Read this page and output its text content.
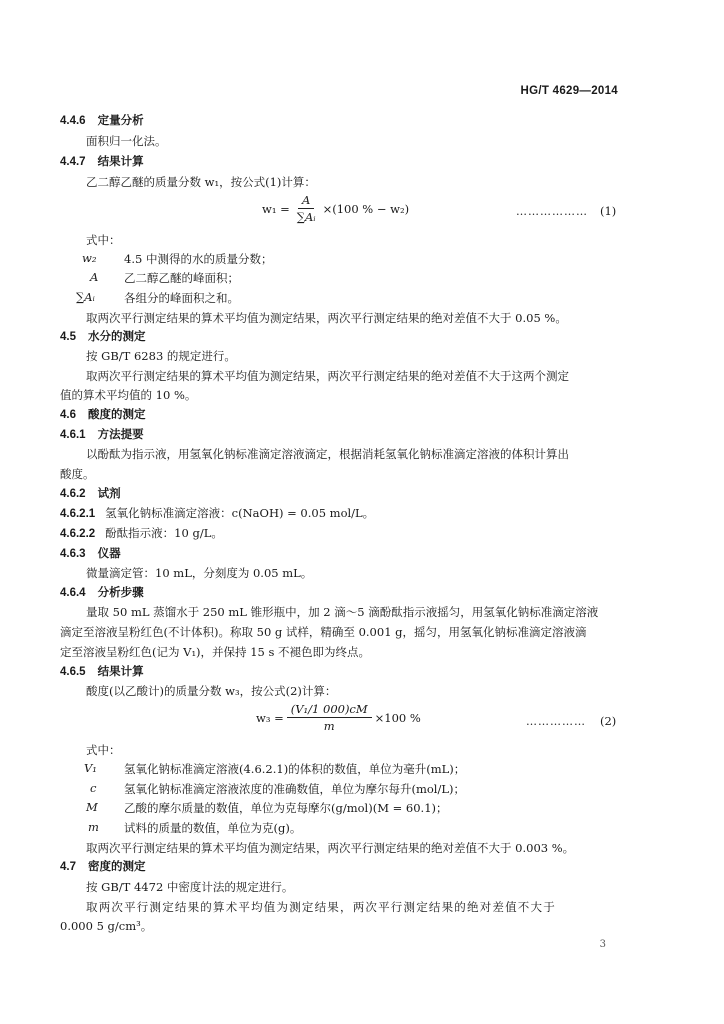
HG/T 4629—2014
4.4.6 定量分析
面积归一化法。
4.4.7 结果计算
乙二醇乙醚的质量分数 w₁，按公式(1)计算：
$w_1 = \frac{A}{\text{∑Aᵢ}} \times(100$ % − w₂)	……………… (1)
式中：
w₂ 4.5 中测得的水的质量分数；
A 乙二醇乙醚的峰面积；
∑Aᵢ	各组分的峰面积之和。
取两次平行测定结果的算术平均值为测定结果，两次平行测定结果的绝对差值不大于 0.05 %。
4.5 水分的测定
按 GB/T 6283 的规定进行。
取两次平行测定结果的算术平均值为测定结果，两次平行测定结果的绝对差值不大于这两个测定
值的算术平均值的 10 %。
4.6 酸度的测定
4.6.1 方法提要
以酚酞为指示液，用氢氧化钠标准滴定溶液滴定，根据消耗氢氧化钠标准滴定溶液的体积计算出
酸度。
4.6.2 试剂
4.6.2.1 氢氧化钠标准滴定溶液：c(NaOH) = 0.05 mol/L。
4.6.2.2 酚酞指示液：10 g/L。
4.6.3 仪器
微量滴定管：10 mL，分刻度为 0.05 mL。
4.6.4 分析步骤
量取 50 mL 蒸馏水于 250 mL 锥形瓶中，加 2 滴～5 滴酚酞指示液摇匀，用氢氧化钠标准滴定溶液
滴定至溶液呈粉红色(不计体积)。称取 50 g 试样，精确至 0.001 g，摇匀，用氢氧化钠标准滴定溶液滴
定至溶液呈粉红色(记为 V₁)，并保持 15 s 不褪色即为终点。
4.6.5 结果计算
酸度(以乙酸计)的质量分数 w₃，按公式(2)计算：
$w_3 = \frac{\text{(V₁/1 000)cM}}{m} \times 100$ %	…………… (2)
式中：
V₁ 氢氧化钠标准滴定溶液(4.6.2.1)的体积的数值，单位为毫升(mL)；
c 氢氧化钠标准滴定溶液浓度的准确数值，单位为摩尔每升(mol/L)；
M 乙酸的摩尔质量的数值，单位为克每摩尔(g/mol)(M = 60.1)；
m 试料的质量的数值，单位为克(g)。
取两次平行测定结果的算术平均值为测定结果，两次平行测定结果的绝对差值不大于 0.003 %。
4.7 密度的测定
按 GB/T 4472 中密度计法的规定进行。
取两次平行测定结果的算术平均值为测定结果，两次平行测定结果的绝对差值不大于
0.000 5 g/cm³。
3
